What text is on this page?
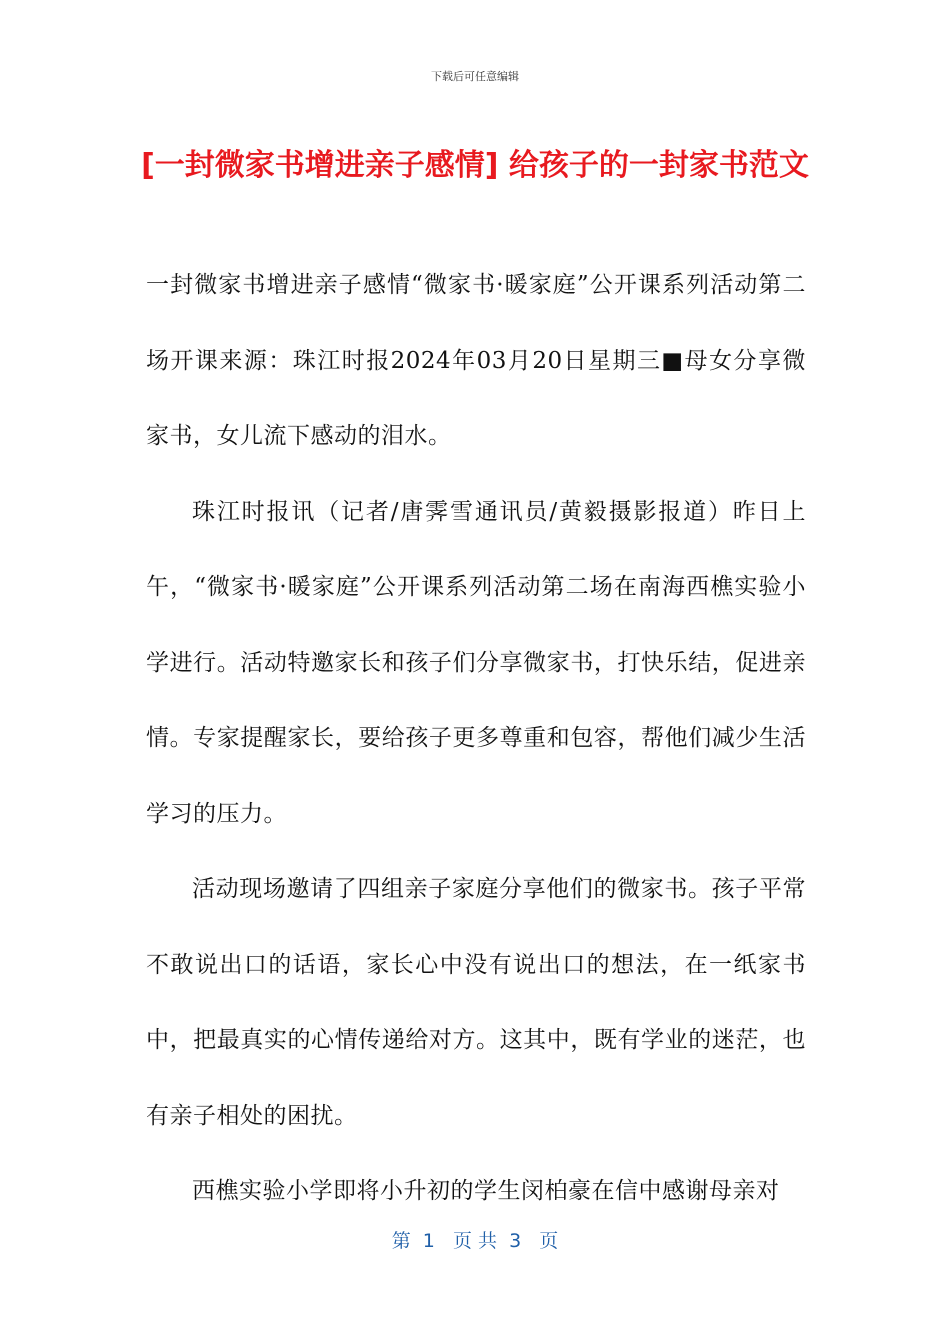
下载后可任意编辑
[一封微家书增进亲子感情] 给孩子的一封家书范文

一封微家书增进亲子感情“微家书·暖家庭”公开课系列活动第二场开课来源：珠江时报2024年03月20日星期三■母女分享微家书，女儿流下感动的泪水。

珠江时报讯（记者/唐霁雪通讯员/黄毅摄影报道）昨日上午，“微家书·暖家庭”公开课系列活动第二场在南海西樵实验小学进行。活动特邀家长和孩子们分享微家书，打快乐结，促进亲情。专家提醒家长，要给孩子更多尊重和包容，帮他们减少生活学习的压力。

活动现场邀请了四组亲子家庭分享他们的微家书。孩子平常不敢说出口的话语，家长心中没有说出口的想法，在一纸家书中，把最真实的心情传递给对方。这其中，既有学业的迷茫，也有亲子相处的困扰。

西樵实验小学即将小升初的学生闵柏豪在信中感谢母亲对

第  1   页 共  3   页
